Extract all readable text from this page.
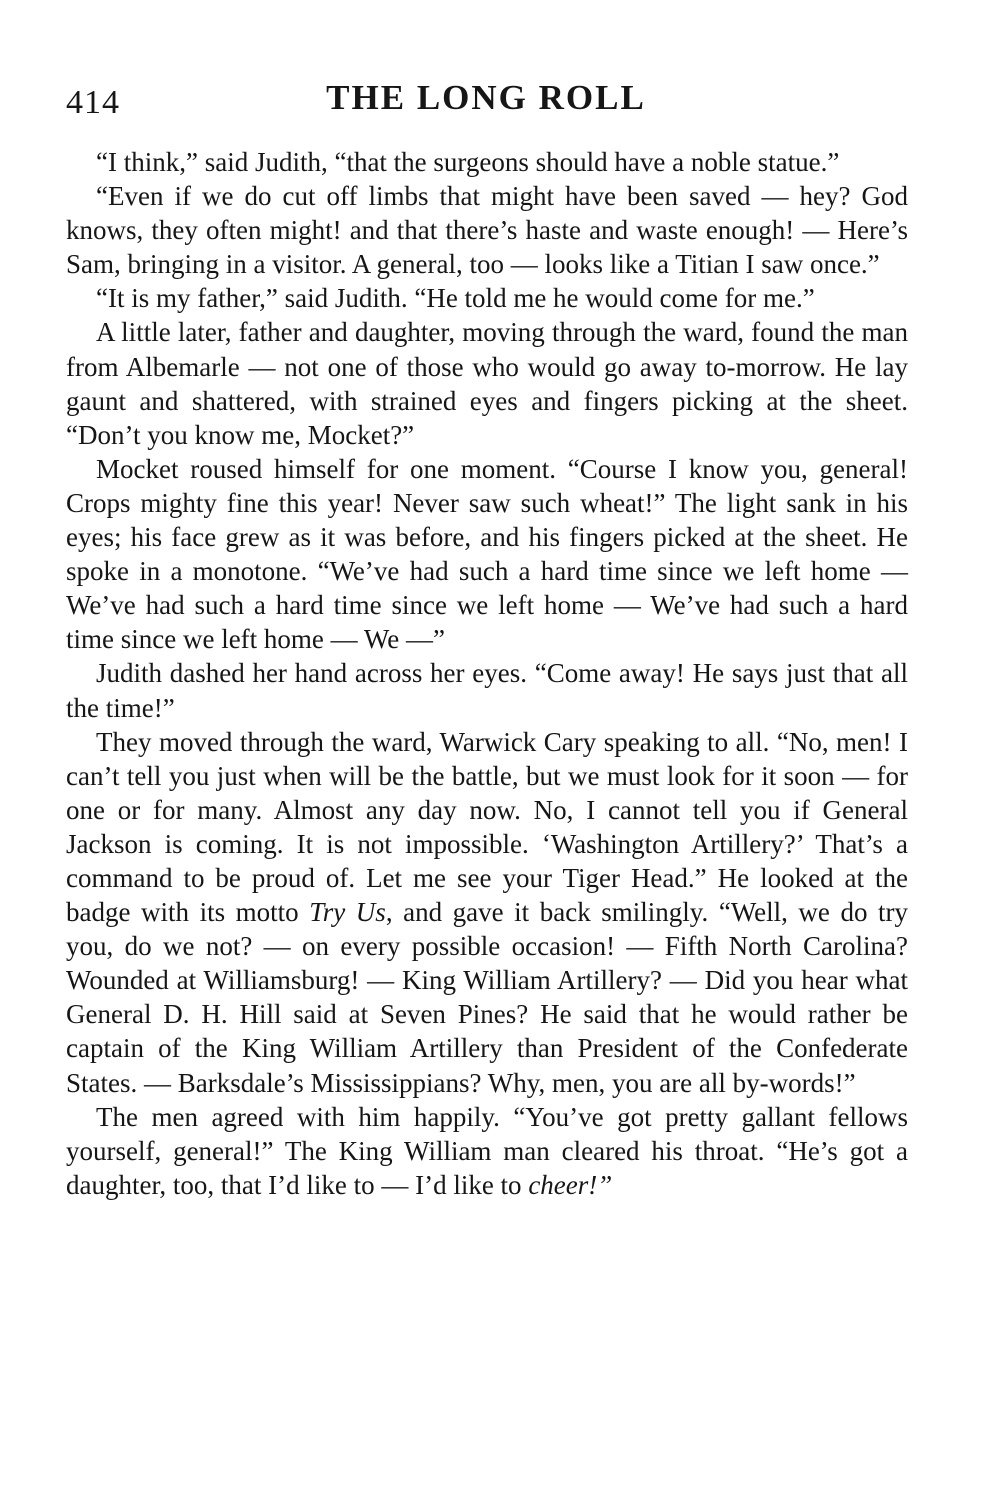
414	THE LONG ROLL

“I think,” said Judith, “that the surgeons should have a noble statue.”

“Even if we do cut off limbs that might have been saved — hey? God knows, they often might! and that there’s haste and waste enough! — Here’s Sam, bringing in a visitor. A general, too — looks like a Titian I saw once.”

“It is my father,” said Judith. “He told me he would come for me.”

A little later, father and daughter, moving through the ward, found the man from Albemarle — not one of those who would go away to-morrow. He lay gaunt and shattered, with strained eyes and fingers picking at the sheet. “Don’t you know me, Mocket?”

Mocket roused himself for one moment. “Course I know you, general! Crops mighty fine this year! Never saw such wheat!” The light sank in his eyes; his face grew as it was before, and his fingers picked at the sheet. He spoke in a monotone. “We’ve had such a hard time since we left home — We’ve had such a hard time since we left home — We’ve had such a hard time since we left home — We —”

Judith dashed her hand across her eyes. “Come away! He says just that all the time!”

They moved through the ward, Warwick Cary speaking to all. “No, men! I can’t tell you just when will be the battle, but we must look for it soon — for one or for many. Almost any day now. No, I cannot tell you if General Jackson is coming. It is not impossible. ‘Washington Artillery?’ That’s a command to be proud of. Let me see your Tiger Head.” He looked at the badge with its motto Try Us, and gave it back smilingly. “Well, we do try you, do we not? — on every possible occasion! — Fifth North Carolina? Wounded at Williamsburg! — King William Artillery? — Did you hear what General D. H. Hill said at Seven Pines? He said that he would rather be captain of the King William Artillery than President of the Confederate States. — Barksdale’s Mississippians? Why, men, you are all by-words!”

The men agreed with him happily. “You’ve got pretty gallant fellows yourself, general!” The King William man cleared his throat. “He’s got a daughter, too, that I’d like to — I’d like to cheer!”
